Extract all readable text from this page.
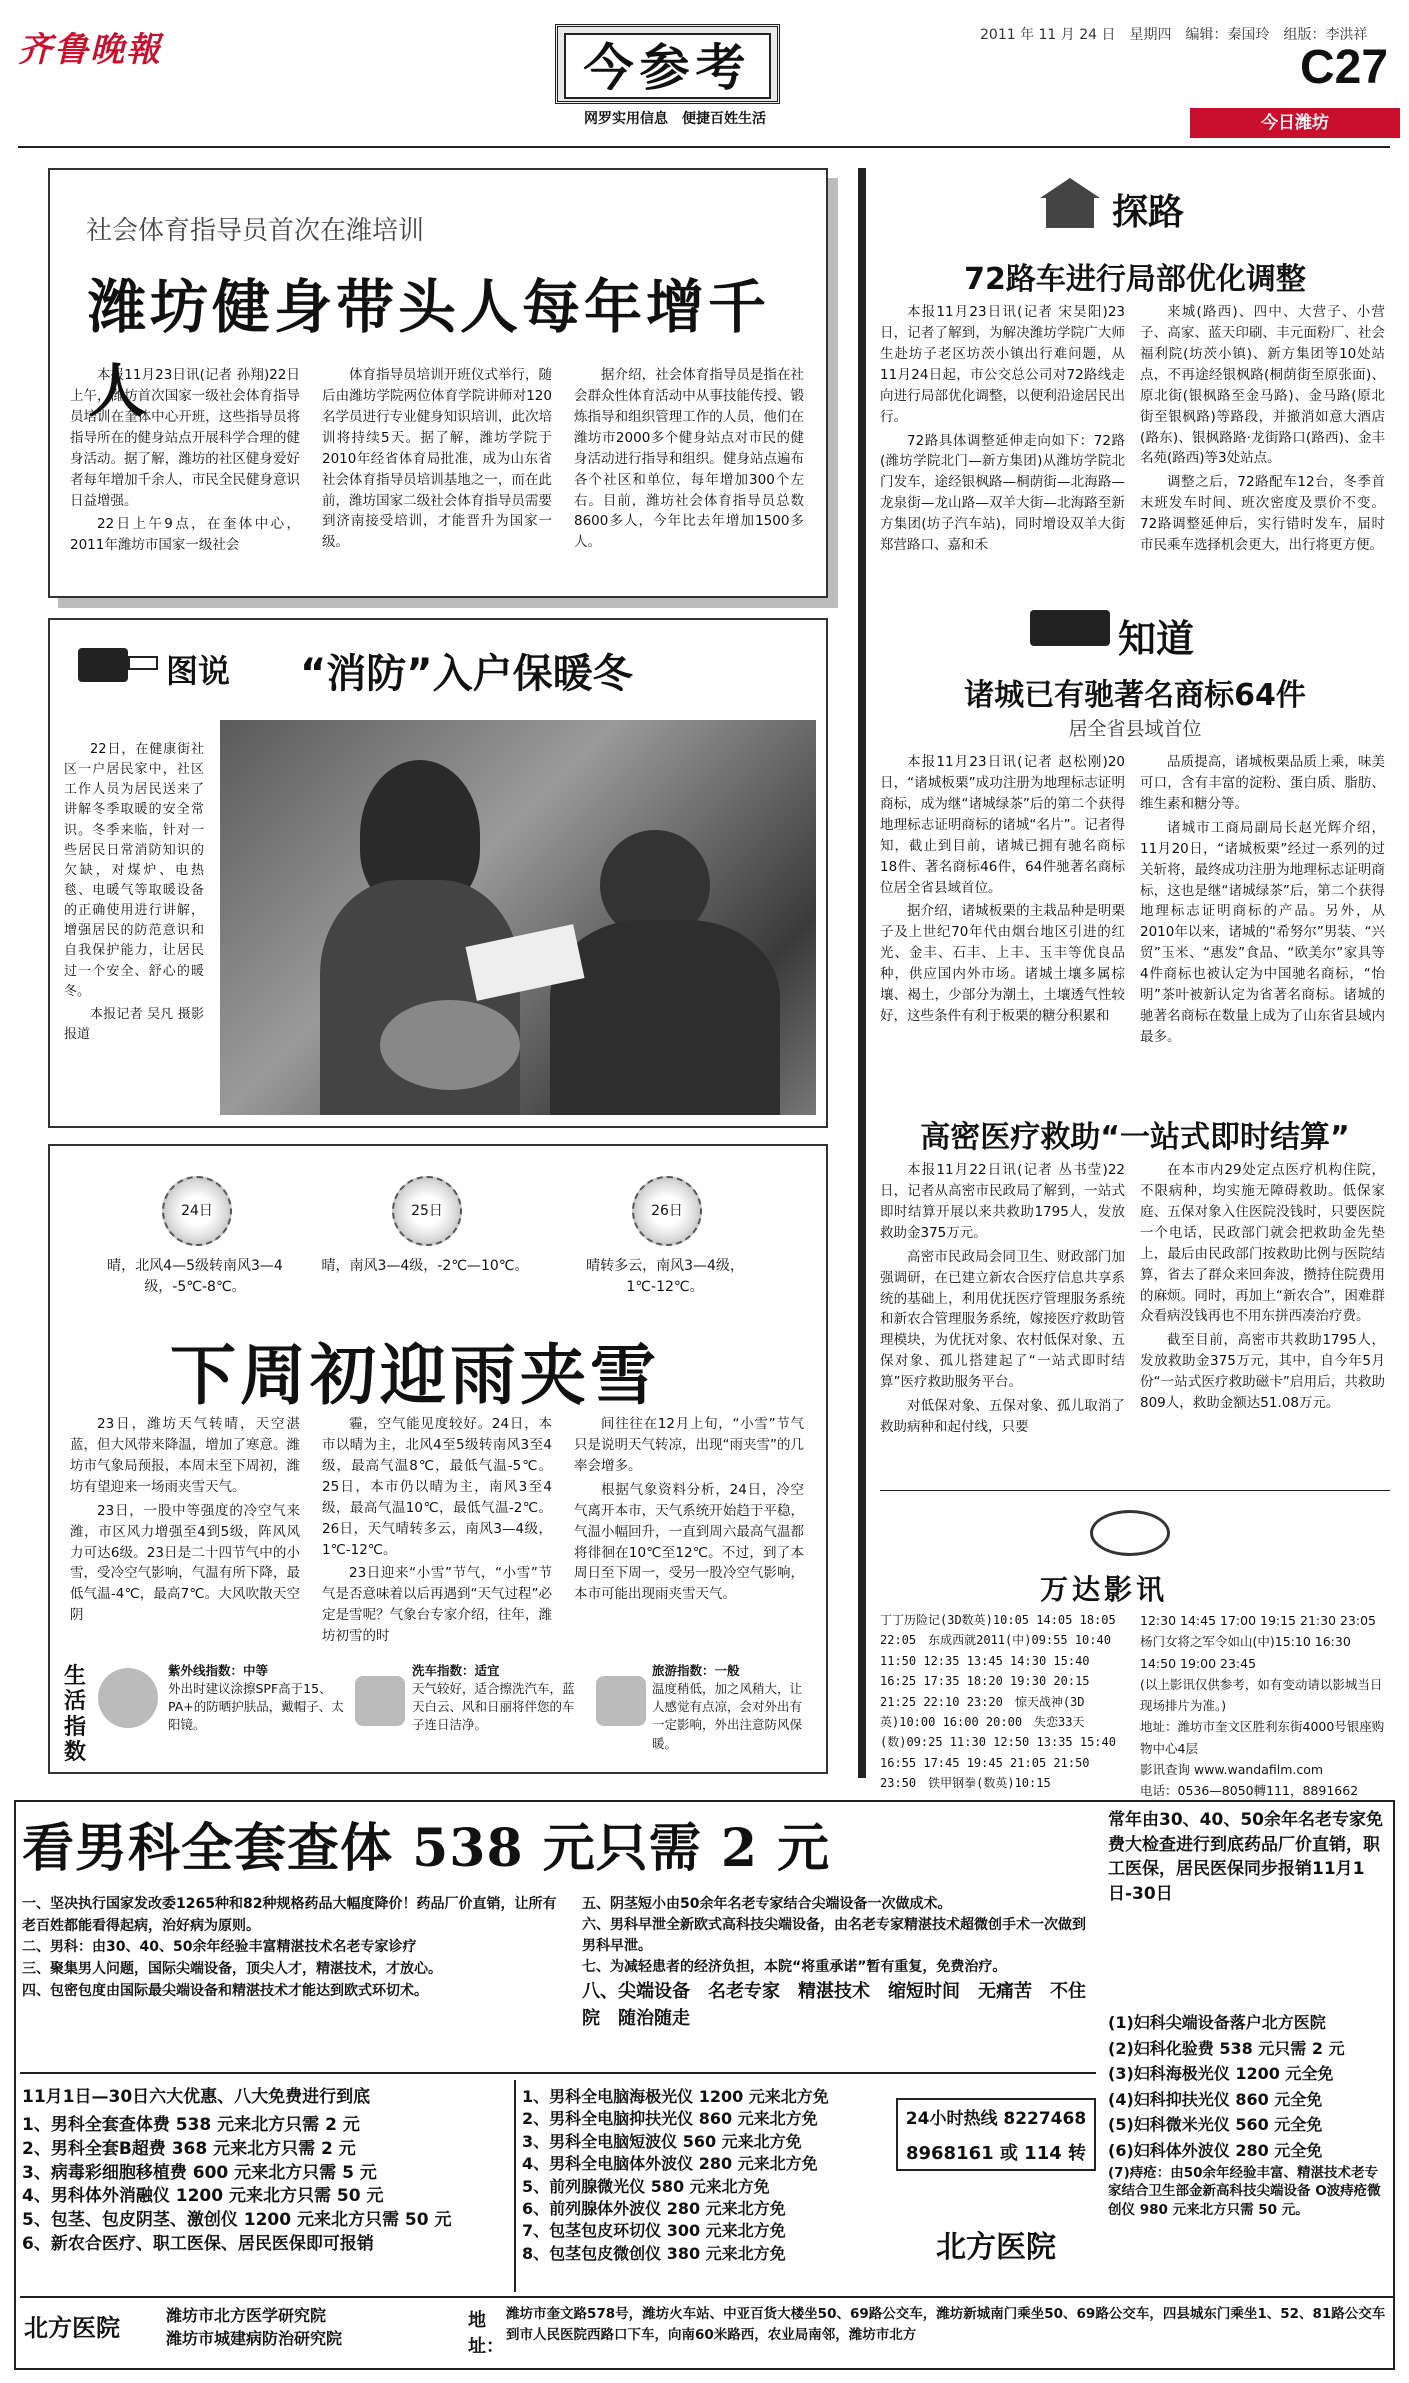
齐鲁晚報	今参考
网罗实用信息　便捷百姓生活
2011 年 11 月 24 日　星期四　编辑：秦国玲　组版：李洪祥
C27
今日潍坊
社会体育指导员首次在潍培训
潍坊健身带头人每年增千人

本报11月23日讯(记者 孙翔)22日上午，潍坊首次国家一级社会体育指导员培训在奎体中心开班，这些指导员将指导所在的健身站点开展科学合理的健身活动。据了解，潍坊的社区健身爱好者每年增加千余人，市民全民健身意识日益增强。

22日上午9点，在奎体中心，2011年潍坊市国家一级社会

体育指导员培训开班仪式举行，随后由潍坊学院两位体育学院讲师对120名学员进行专业健身知识培训，此次培训将持续5天。据了解，潍坊学院于2010年经省体育局批准，成为山东省社会体育指导员培训基地之一，而在此前，潍坊国家二级社会体育指导员需要到济南接受培训，才能晋升为国家一级。

据介绍，社会体育指导员是指在社会群众性体育活动中从事技能传授、锻炼指导和组织管理工作的人员，他们在潍坊市2000多个健身站点对市民的健身活动进行指导和组织。健身站点遍布各个社区和单位，每年增加300个左右。目前，潍坊社会体育指导员总数8600多人，今年比去年增加1500多人。

图说 “消防”入户保暖冬

22日，在健康街社区一户居民家中，社区工作人员为居民送来了讲解冬季取暖的安全常识。冬季来临，针对一些居民日常消防知识的欠缺，对煤炉、电热毯、电暖气等取暖设备的正确使用进行讲解，增强居民的防范意识和自我保护能力，让居民过一个安全、舒心的暖冬。

本报记者 吴凡 摄影报道

24日	25日	26日
晴，北风4—5级转南风3—4级，-5℃-8℃。
晴，南风3—4级，-2℃—10℃。	晴转多云，南风3—4级，1℃-12℃。
下周初迎雨夹雪

23日，潍坊天气转晴，天空湛蓝，但大风带来降温，增加了寒意。潍坊市气象局预报，本周末至下周初，潍坊有望迎来一场雨夹雪天气。

23日，一股中等强度的冷空气来潍，市区风力增强至4到5级，阵风风力可达6级。23日是二十四节气中的小雪，受冷空气影响，气温有所下降，最低气温-4℃，最高7℃。大风吹散天空阴

霾，空气能见度较好。24日，本市以晴为主，北风4至5级转南风3至4级，最高气温8℃，最低气温-5℃。25日，本市仍以晴为主，南风3至4级，最高气温10℃，最低气温-2℃。26日，天气晴转多云，南风3—4级，1℃-12℃。

23日迎来“小雪”节气，“小雪”节气是否意味着以后再遇到“天气过程”必定是雪呢？气象台专家介绍，往年，潍坊初雪的时

间往往在12月上旬，“小雪”节气只是说明天气转凉，出现“雨夹雪”的几率会增多。

根据气象资料分析，24日，冷空气离开本市，天气系统开始趋于平稳，气温小幅回升，一直到周六最高气温都将徘徊在10℃至12℃。不过，到了本周日至下周一，受另一股冷空气影响，本市可能出现雨夹雪天气。

生活指数
紫外线指数：中等
外出时建议涂擦SPF高于15、PA+的防晒护肤品，戴帽子、太阳镜。
洗车指数：适宜
天气较好，适合擦洗汽车，蓝天白云、风和日丽将伴您的车子连日洁净。
旅游指数：一般
温度稍低，加之风稍大，让人感觉有点凉，会对外出有一定影响，外出注意防风保暖。
探路
72路车进行局部优化调整

本报11月23日讯(记者 宋昊阳)23日，记者了解到，为解决潍坊学院广大师生赴坊子老区坊茨小镇出行难问题，从11月24日起，市公交总公司对72路线走向进行局部优化调整，以便利沿途居民出行。

72路具体调整延伸走向如下：72路(潍坊学院北门—新方集团)从潍坊学院北门发车，途经银枫路—桐荫街—北海路—龙泉街—龙山路—双羊大街—北海路至新方集团(坊子汽车站)，同时增设双羊大街郑营路口、嘉和禾

来城(路西)、四中、大营子、小营子、高家、蓝天印刷、丰元面粉厂、社会福利院(坊茨小镇)、新方集团等10处站点，不再途经银枫路(桐荫街至原张面)、原北街(银枫路至金马路)、金马路(原北街至银枫路)等路段，并撤消如意大酒店(路东)、银枫路路·龙街路口(路西)、金丰名苑(路西)等3处站点。

调整之后，72路配车12台，冬季首末班发车时间、班次密度及票价不变。72路调整延伸后，实行错时发车，届时市民乘车选择机会更大，出行将更方便。

知道
诸城已有驰著名商标64件
居全省县域首位

本报11月23日讯(记者 赵松刚)20日，“诸城板栗”成功注册为地理标志证明商标，成为继“诸城绿茶”后的第二个获得地理标志证明商标的诸城“名片”。记者得知，截止到目前，诸城已拥有驰名商标18件、著名商标46件，64件驰著名商标位居全省县域首位。

据介绍，诸城板栗的主栽品种是明栗子及上世纪70年代由烟台地区引进的红光、金丰、石丰、上丰、玉丰等优良品种，供应国内外市场。诸城土壤多属棕壤、褐土，少部分为潮土，土壤透气性较好，这些条件有利于板栗的糖分积累和

品质提高，诸城板栗品质上乘，味美可口，含有丰富的淀粉、蛋白质、脂肪、维生素和糖分等。

诸城市工商局副局长赵光辉介绍，11月20日，“诸城板栗”经过一系列的过关斩将，最终成功注册为地理标志证明商标，这也是继“诸城绿茶”后，第二个获得地理标志证明商标的产品。另外，从2010年以来，诸城的“希努尔”男装、“兴贸”玉米、“惠发”食品、“欧美尔”家具等4件商标也被认定为中国驰名商标，“怡明”茶叶被新认定为省著名商标。诸城的驰著名商标在数量上成为了山东省县域内最多。

高密医疗救助“一站式即时结算”

本报11月22日讯(记者 丛书莹)22日，记者从高密市民政局了解到，一站式即时结算开展以来共救助1795人，发放救助金375万元。

高密市民政局会同卫生、财政部门加强调研，在已建立新农合医疗信息共享系统的基础上，利用优抚医疗管理服务系统和新农合管理服务系统，嫁接医疗救助管理模块，为优抚对象、农村低保对象、五保对象、孤儿搭建起了“一站式即时结算”医疗救助服务平台。

对低保对象、五保对象、孤儿取消了救助病种和起付线，只要

在本市内29处定点医疗机构住院，不限病种，均实施无障碍救助。低保家庭、五保对象入住医院没钱时，只要医院一个电话，民政部门就会把救助金先垫上，最后由民政部门按救助比例与医院结算，省去了群众来回奔波，攒持住院费用的麻烦。同时，再加上“新农合”，困难群众看病没钱再也不用东拼西凑治疗费。

截至目前，高密市共救助1795人，发放救助金375万元，其中，自今年5月份“一站式医疗救助磁卡”启用后，共救助809人，救助金额达51.08万元。

万达影讯
丁丁历险记(3D数英)10:05 14:05 18:05 22:05　东成西就2011(中)09:55 10:40 11:50 12:35 13:45 14:30 15:40 16:25 17:35 18:20 19:30 20:15 21:25 22:10 23:20　惊天战神(3D英)10:00 16:00 20:00　失恋33天(数)09:25 11:30 12:50 13:35 15:40 16:55 17:45 19:45 21:05 21:50 23:50　铁甲钢拳(数英)10:15
12:30 14:45 17:00 19:15 21:30 23:05　杨门女将之军令如山(中)15:10 16:30 14:50 19:00 23:45
(以上影讯仅供参考，如有变动请以影城当日现场排片为准。)
地址：潍坊市奎文区胜利东街4000号银座购物中心4层
影讯查询 www.wandafilm.com
电话：0536—8050轉111，8891662
看男科全套查体 538 元只需 2 元	常年由30、40、50余年名老专家免费大检查进行到底药品厂价直销，职工医保，居民医保同步报销11月1日-30日
一、坚决执行国家发改委1265种和82种规格药品大幅度降价！药品厂价直销，让所有老百姓都能看得起病，治好病为原则。
二、男科：由30、40、50余年经验丰富精湛技术名老专家诊疗
三、聚集男人问题，国际尖端设备，顶尖人才，精湛技术，才放心。
四、包密包度由国际最尖端设备和精湛技术才能达到欧式环切术。
五、阴茎短小由50余年名老专家结合尖端设备一次做成术。
六、男科早泄全新欧式高科技尖端设备，由名老专家精湛技术超微创手术一次做到男科早泄。
七、为减轻患者的经济负担，本院“将重承诺”暂有重复，免费治疗。
八、尖端设备　名老专家　精湛技术　缩短时间　无痛苦　不住院　随治随走	(1)妇科尖端设备落户北方医院
(2)妇科化验费 538 元只需 2 元
(3)妇科海极光仪 1200 元全免
(4)妇科抑扶光仪 860 元全免
(5)妇科微米光仪 560 元全免
(6)妇科体外波仪 280 元全免
(7)痔疮：由50余年经验丰富、精湛技术老专家结合卫生部金新高科技尖端设备 O波痔疮微创仪 980 元来北方只需 50 元。
11月1日—30日六大优惠、八大免费进行到底
1、男科全套查体费 538 元来北方只需 2 元
2、男科全套B超费 368 元来北方只需 2 元
3、病毒彩细胞移植费 600 元来北方只需 5 元
4、男科体外消融仪 1200 元来北方只需 50 元
5、包茎、包皮阴茎、激创仪 1200 元来北方只需 50 元
6、新农合医疗、职工医保、居民医保即可报销
1、男科全电脑海极光仪 1200 元来北方免
2、男科全电脑抑扶光仪 860 元来北方免
3、男科全电脑短波仪 560 元来北方免
4、男科全电脑体外波仪 280 元来北方免
5、前列腺微光仪 580 元来北方免
6、前列腺体外波仪 280 元来北方免
7、包茎包皮环切仪 300 元来北方免
8、包茎包皮微创仪 380 元来北方免
24小时热线 8227468
8968161 或 114 转
北方医院
北方医院	潍坊市北方医学研究院
潍坊市城建病防治研究院
地址：
潍坊市奎文路578号，潍坊火车站、中亚百货大楼坐50、69路公交车，潍坊新城南门乘坐50、69路公交车，四县城东门乘坐1、52、81路公交车到市人民医院西路口下车，向南60米路西，农业局南邻，潍坊市北方
